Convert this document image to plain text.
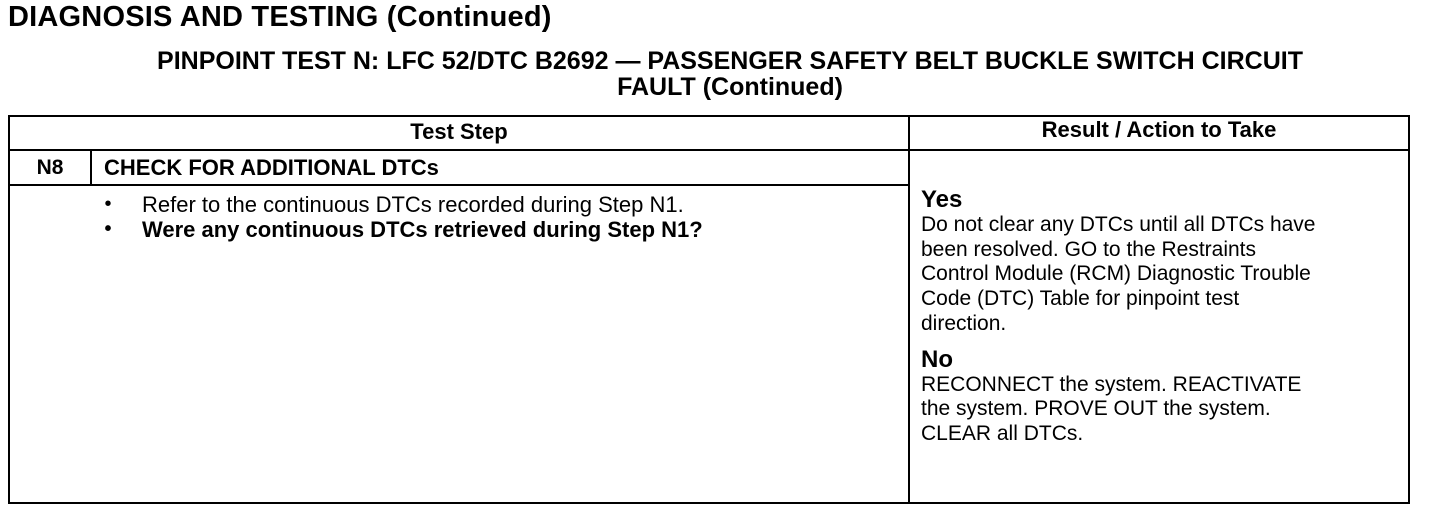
DIAGNOSIS AND TESTING (Continued)
PINPOINT TEST N: LFC 52/DTC B2692 — PASSENGER SAFETY BELT BUCKLE SWITCH CIRCUIT
FAULT (Continued)
Test Step	Result / Action to Take
N8	CHECK FOR ADDITIONAL DTCs
• Refer to the continuous DTCs recorded during Step N1.
• Were any continuous DTCs retrieved during Step N1?
Yes
Do not clear any DTCs until all DTCs have
been resolved. GO to the Restraints
Control Module (RCM) Diagnostic Trouble
Code (DTC) Table for pinpoint test
direction.
No
RECONNECT the system. REACTIVATE
the system. PROVE OUT the system.
CLEAR all DTCs.
